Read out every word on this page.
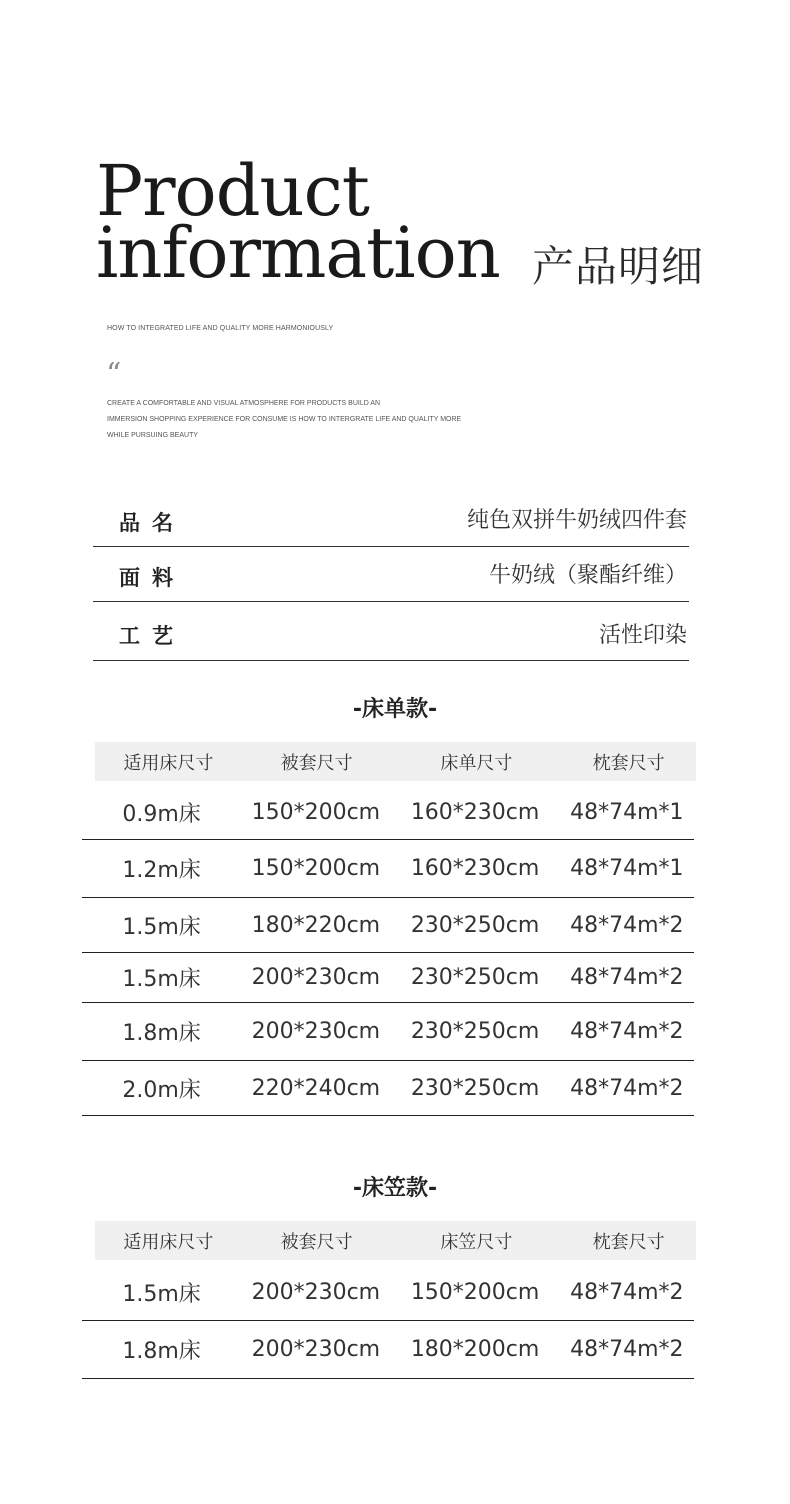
Product
information 产品明细
HOW TO INTEGRATED LIFE AND QUALITY MORE HARMONIOUSLY
“
CREATE A COMFORTABLE AND VISUAL ATMOSPHERE FOR PRODUCTS BUILD AN
IMMERSION SHOPPING EXPERIENCE FOR CONSUME IS HOW TO INTERGRATE LIFE AND QUALITY MORE
WHILE PURSUING BEAUTY
品名	纯色双拼牛奶绒四件套
面料	牛奶绒（聚酯纤维）
工艺	活性印染
-床单款-
适用床尺寸	被套尺寸	床单尺寸	枕套尺寸
0.9m床	150*200cm	160*230cm	48*74m*1
1.2m床	150*200cm	160*230cm	48*74m*1
1.5m床	180*220cm	230*250cm	48*74m*2
1.5m床	200*230cm	230*250cm	48*74m*2
1.8m床	200*230cm	230*250cm	48*74m*2
2.0m床	220*240cm	230*250cm	48*74m*2
-床笠款-
适用床尺寸	被套尺寸	床笠尺寸	枕套尺寸
1.5m床	200*230cm	150*200cm	48*74m*2
1.8m床	200*230cm	180*200cm	48*74m*2
